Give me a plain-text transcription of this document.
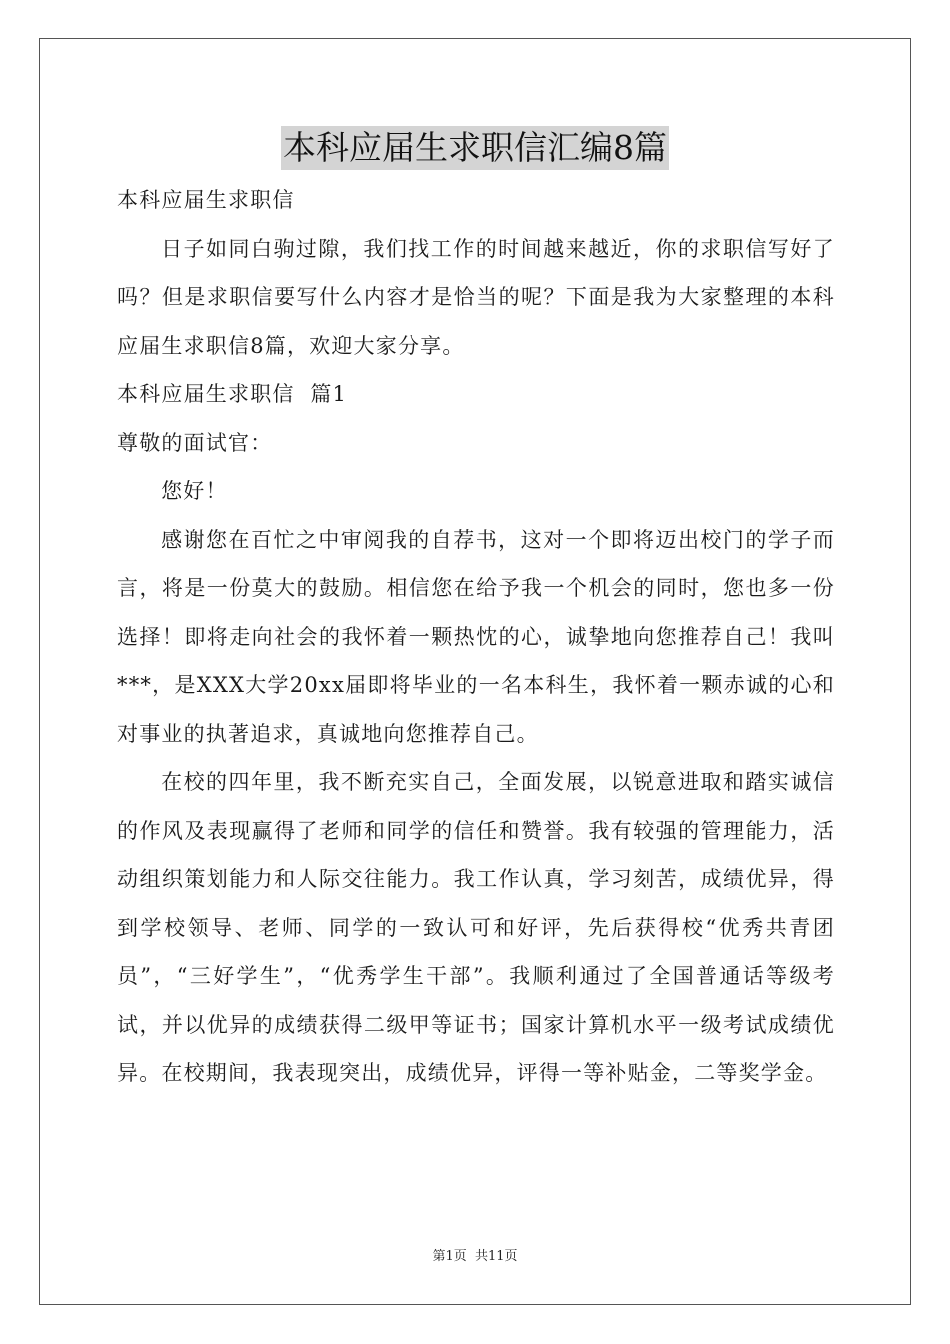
本科应届生求职信汇编8篇

本科应届生求职信

日子如同白驹过隙，我们找工作的时间越来越近，你的求职信写好了吗？但是求职信要写什么内容才是恰当的呢？下面是我为大家整理的本科应届生求职信8篇，欢迎大家分享。

本科应届生求职信  篇1

尊敬的面试官：

您好！

感谢您在百忙之中审阅我的自荐书，这对一个即将迈出校门的学子而言，将是一份莫大的鼓励。相信您在给予我一个机会的同时，您也多一份选择！即将走向社会的我怀着一颗热忱的心，诚挚地向您推荐自己！我叫***，是XXX大学20xx届即将毕业的一名本科生，我怀着一颗赤诚的心和对事业的执著追求，真诚地向您推荐自己。

在校的四年里，我不断充实自己，全面发展，以锐意进取和踏实诚信的作风及表现赢得了老师和同学的信任和赞誉。我有较强的管理能力，活动组织策划能力和人际交往能力。我工作认真，学习刻苦，成绩优异，得到学校领导、老师、同学的一致认可和好评，先后获得校“优秀共青团员”，“三好学生”，“优秀学生干部”。我顺利通过了全国普通话等级考试，并以优异的成绩获得二级甲等证书；国家计算机水平一级考试成绩优异。在校期间，我表现突出，成绩优异，评得一等补贴金，二等奖学金。

第1页 共11页
